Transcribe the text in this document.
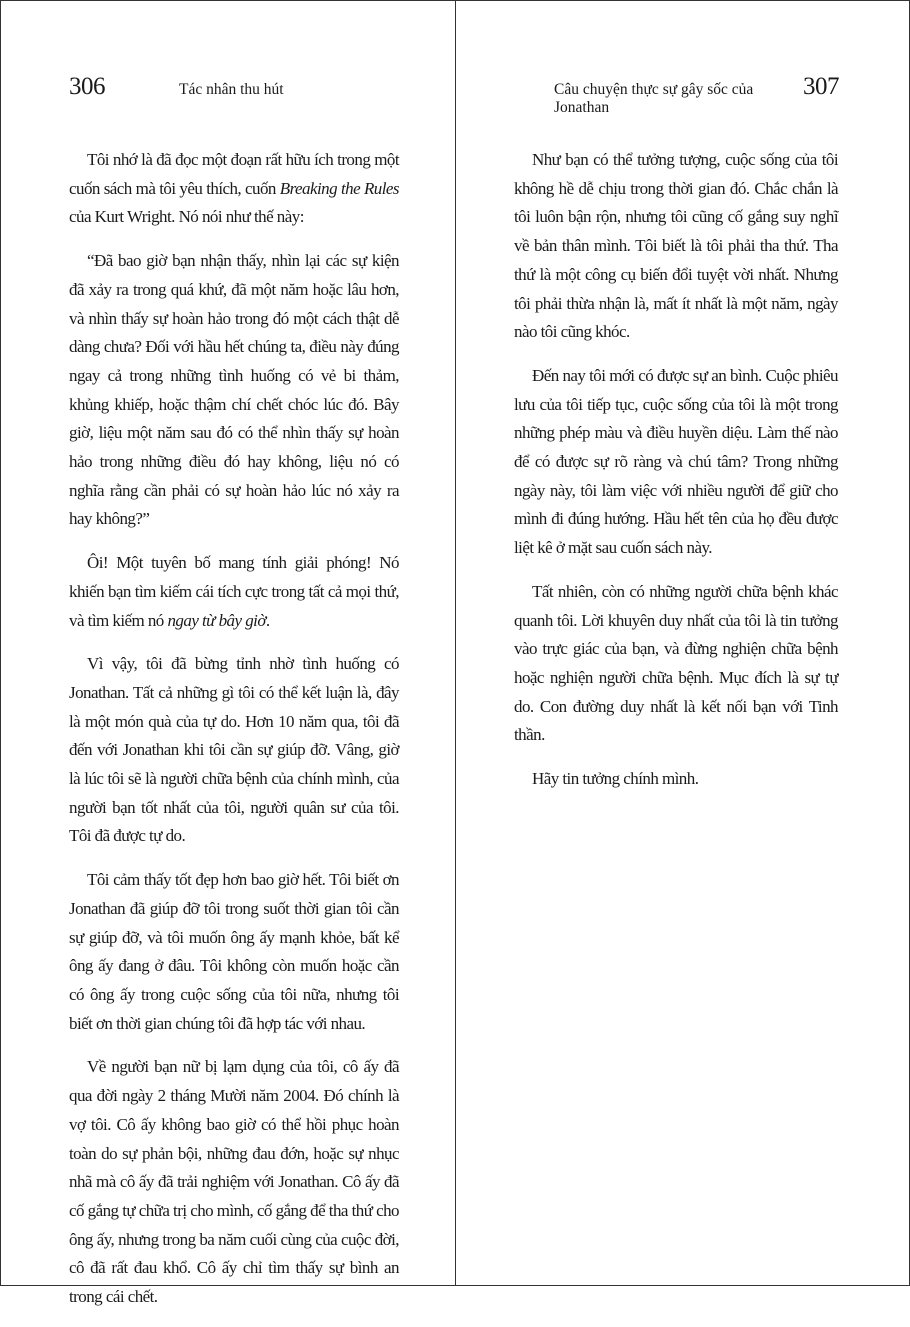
306	Tác nhân thu hút

Tôi nhớ là đã đọc một đoạn rất hữu ích trong một cuốn sách mà tôi yêu thích, cuốn Breaking the Rules của Kurt Wright. Nó nói như thế này:

“Đã bao giờ bạn nhận thấy, nhìn lại các sự kiện đã xảy ra trong quá khứ, đã một năm hoặc lâu hơn, và nhìn thấy sự hoàn hảo trong đó một cách thật dễ dàng chưa? Đối với hầu hết chúng ta, điều này đúng ngay cả trong những tình huống có vẻ bi thảm, khủng khiếp, hoặc thậm chí chết chóc lúc đó. Bây giờ, liệu một năm sau đó có thể nhìn thấy sự hoàn hảo trong những điều đó hay không, liệu nó có nghĩa rằng cần phải có sự hoàn hảo lúc nó xảy ra hay không?”

Ôi! Một tuyên bố mang tính giải phóng! Nó khiến bạn tìm kiếm cái tích cực trong tất cả mọi thứ, và tìm kiếm nó ngay từ bây giờ.

Vì vậy, tôi đã bừng tỉnh nhờ tình huống có Jonathan. Tất cả những gì tôi có thể kết luận là, đây là một món quà của tự do. Hơn 10 năm qua, tôi đã đến với Jonathan khi tôi cần sự giúp đỡ. Vâng, giờ là lúc tôi sẽ là người chữa bệnh của chính mình, của người bạn tốt nhất của tôi, người quân sư của tôi. Tôi đã được tự do.

Tôi cảm thấy tốt đẹp hơn bao giờ hết. Tôi biết ơn Jonathan đã giúp đỡ tôi trong suốt thời gian tôi cần sự giúp đỡ, và tôi muốn ông ấy mạnh khỏe, bất kể ông ấy đang ở đâu. Tôi không còn muốn hoặc cần có ông ấy trong cuộc sống của tôi nữa, nhưng tôi biết ơn thời gian chúng tôi đã hợp tác với nhau.

Về người bạn nữ bị lạm dụng của tôi, cô ấy đã qua đời ngày 2 tháng Mười năm 2004. Đó chính là vợ tôi. Cô ấy không bao giờ có thể hồi phục hoàn toàn do sự phản bội, những đau đớn, hoặc sự nhục nhã mà cô ấy đã trải nghiệm với Jonathan. Cô ấy đã cố gắng tự chữa trị cho mình, cố gắng để tha thứ cho ông ấy, nhưng trong ba năm cuối cùng của cuộc đời, cô đã rất đau khổ. Cô ấy chỉ tìm thấy sự bình an trong cái chết.

Câu chuyện thực sự gây sốc của Jonathan
307

Như bạn có thể tưởng tượng, cuộc sống của tôi không hề dễ chịu trong thời gian đó. Chắc chắn là tôi luôn bận rộn, nhưng tôi cũng cố gắng suy nghĩ về bản thân mình. Tôi biết là tôi phải tha thứ. Tha thứ là một công cụ biến đổi tuyệt vời nhất. Nhưng tôi phải thừa nhận là, mất ít nhất là một năm, ngày nào tôi cũng khóc.

Đến nay tôi mới có được sự an bình. Cuộc phiêu lưu của tôi tiếp tục, cuộc sống của tôi là một trong những phép màu và điều huyền diệu. Làm thế nào để có được sự rõ ràng và chú tâm? Trong những ngày này, tôi làm việc với nhiều người để giữ cho mình đi đúng hướng. Hầu hết tên của họ đều được liệt kê ở mặt sau cuốn sách này.

Tất nhiên, còn có những người chữa bệnh khác quanh tôi. Lời khuyên duy nhất của tôi là tin tưởng vào trực giác của bạn, và đừng nghiện chữa bệnh hoặc nghiện người chữa bệnh. Mục đích là sự tự do. Con đường duy nhất là kết nối bạn với Tinh thần.

Hãy tin tưởng chính mình.
